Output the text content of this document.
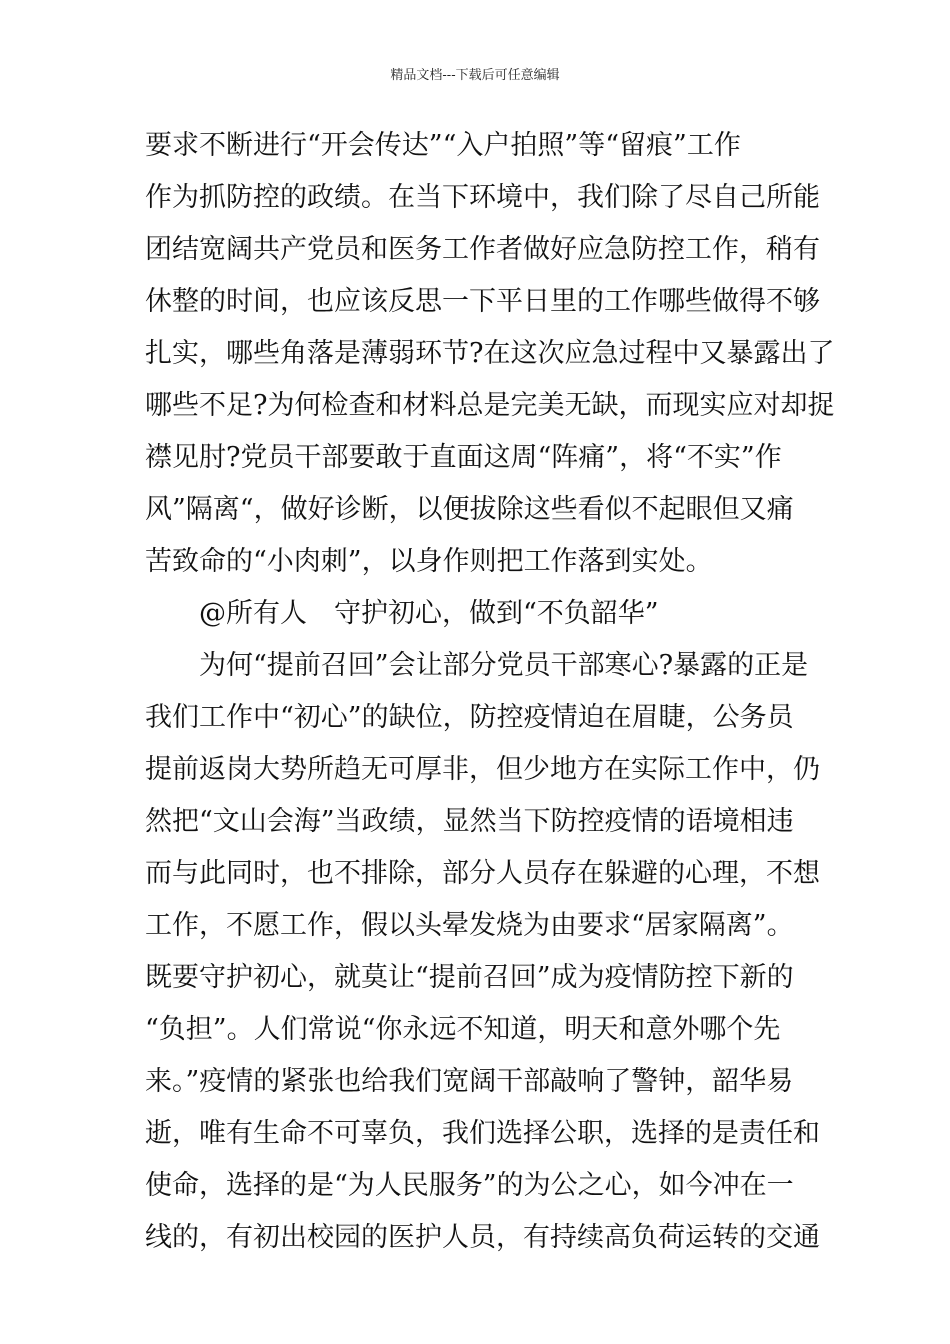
精品文档---下载后可任意编辑
要求不断进行“开会传达”“入户拍照”等“留痕”工作
作为抓防控的政绩。在当下环境中，我们除了尽自己所能
团结宽阔共产党员和医务工作者做好应急防控工作，稍有
休整的时间，也应该反思一下平日里的工作哪些做得不够
扎实，哪些角落是薄弱环节?在这次应急过程中又暴露出了
哪些不足?为何检查和材料总是完美无缺，而现实应对却捉
襟见肘?党员干部要敢于直面这周“阵痛”，将“不实”作
风”隔离“，做好诊断，以便拔除这些看似不起眼但又痛
苦致命的“小肉刺”，以身作则把工作落到实处。
@所有人　守护初心，做到“不负韶华”
为何“提前召回”会让部分党员干部寒心?暴露的正是
我们工作中“初心”的缺位，防控疫情迫在眉睫，公务员
提前返岗大势所趋无可厚非，但少地方在实际工作中，仍
然把“文山会海”当政绩，显然当下防控疫情的语境相违
而与此同时，也不排除，部分人员存在躲避的心理，不想
工作，不愿工作，假以头晕发烧为由要求“居家隔离”。
既要守护初心，就莫让“提前召回”成为疫情防控下新的
“负担”。人们常说“你永远不知道，明天和意外哪个先
来。”疫情的紧张也给我们宽阔干部敲响了警钟，韶华易
逝，唯有生命不可辜负，我们选择公职，选择的是责任和
使命，选择的是“为人民服务”的为公之心，如今冲在一
线的，有初出校园的医护人员，有持续高负荷运转的交通
